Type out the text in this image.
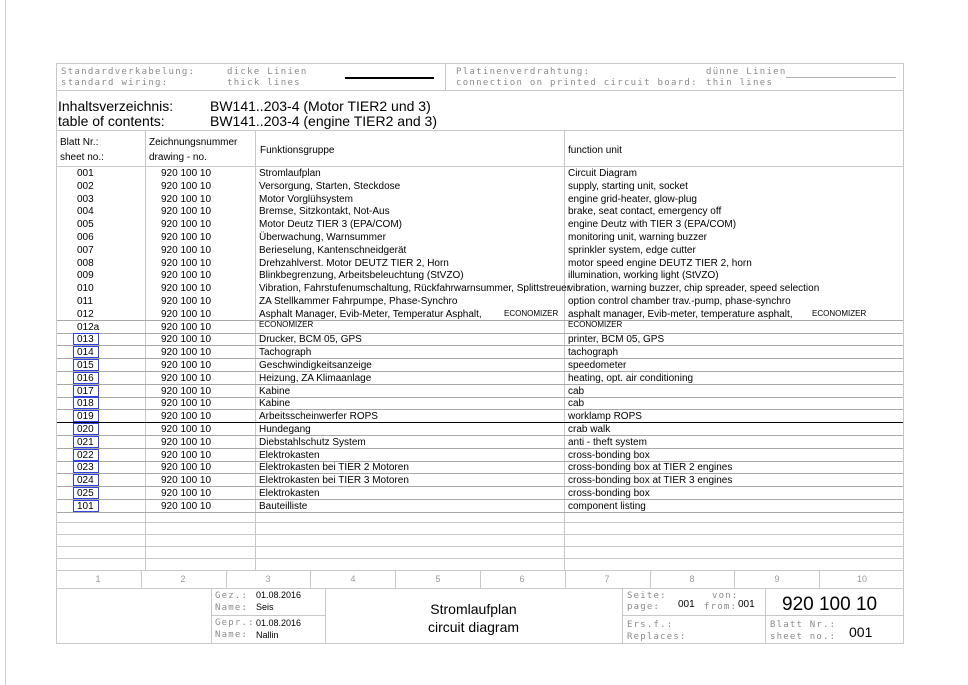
Standardverkabelung:
standard wiring:
dicke Linien
thick lines
Platinenverdrahtung:
connection on printed circuit board:
dünne Linien
thin lines
Inhaltsverzeichnis:
table of contents:
BW141..203-4 (Motor TIER2 und 3)
BW141..203-4 (engine TIER2 and 3)
Blatt Nr.:
sheet no.:
Zeichnungsnummer
drawing - no.
Funktionsgruppe	function unit
001	920 100 10	Stromlaufplan	Circuit Diagram
002	920 100 10	Versorgung, Starten, Steckdose	supply, starting unit, socket
003	920 100 10	Motor Vorglühsystem	engine grid-heater, glow-plug
004	920 100 10	Bremse, Sitzkontakt, Not-Aus	brake, seat contact, emergency off
005	920 100 10	Motor Deutz TIER 3 (EPA/COM)	engine Deutz with TIER 3 (EPA/COM)
006	920 100 10	Überwachung, Warnsummer	monitoring unit, warning buzzer
007	920 100 10	Berieselung, Kantenschneidgerät	sprinkler system, edge cutter
008	920 100 10	Drehzahlverst. Motor DEUTZ TIER 2, Horn	motor speed engine DEUTZ TIER 2, horn
009	920 100 10	Blinkbegrenzung, Arbeitsbeleuchtung (StVZO)	illumination, working light (StVZO)
010	920 100 10	Vibration, Fahrstufenumschaltung, Rückfahrwarnsummer, Splittstreuer
vibration, warning buzzer, chip spreader, speed selection
011	920 100 10	ZA Stellkammer Fahrpumpe, Phase-Synchro	option control chamber trav.-pump, phase-synchro
012	920 100 10	Asphalt Manager, Evib-Meter, Temperatur Asphalt,	asphalt manager, Evib-meter, temperature asphalt,
ECONOMIZER	ECONOMIZER
012a	920 100 10	ECONOMIZER	ECONOMIZER
013	920 100 10	Drucker, BCM 05, GPS	printer, BCM 05, GPS
014	920 100 10	Tachograph	tachograph
015	920 100 10	Geschwindigkeitsanzeige	speedometer
016	920 100 10	Heizung, ZA Klimaanlage	heating, opt. air conditioning
017	920 100 10	Kabine	cab
018	920 100 10	Kabine	cab
019	920 100 10	Arbeitsscheinwerfer ROPS	worklamp ROPS
020	920 100 10	Hundegang	crab walk
021	920 100 10	Diebstahlschutz System	anti - theft system
022	920 100 10	Elektrokasten	cross-bonding box
023	920 100 10	Elektrokasten bei TIER 2 Motoren	cross-bonding box at TIER 2 engines
024	920 100 10	Elektrokasten bei TIER 3 Motoren	cross-bonding box at TIER 3 engines
025	920 100 10	Elektrokasten	cross-bonding box
101	920 100 10	Bauteilliste	component listing
1	2	3	4	5	6	7	8	9	10
Gez.: 01.08.2016
Name: Seis
Gepr.: 01.08.2016
Name: Nallin
Stromlaufplan
circuit diagram
Seite:
page: 001
von:
from: 001
Ers.f.:
Replaces:
920 100 10
Blatt Nr.:
sheet no.: 001
